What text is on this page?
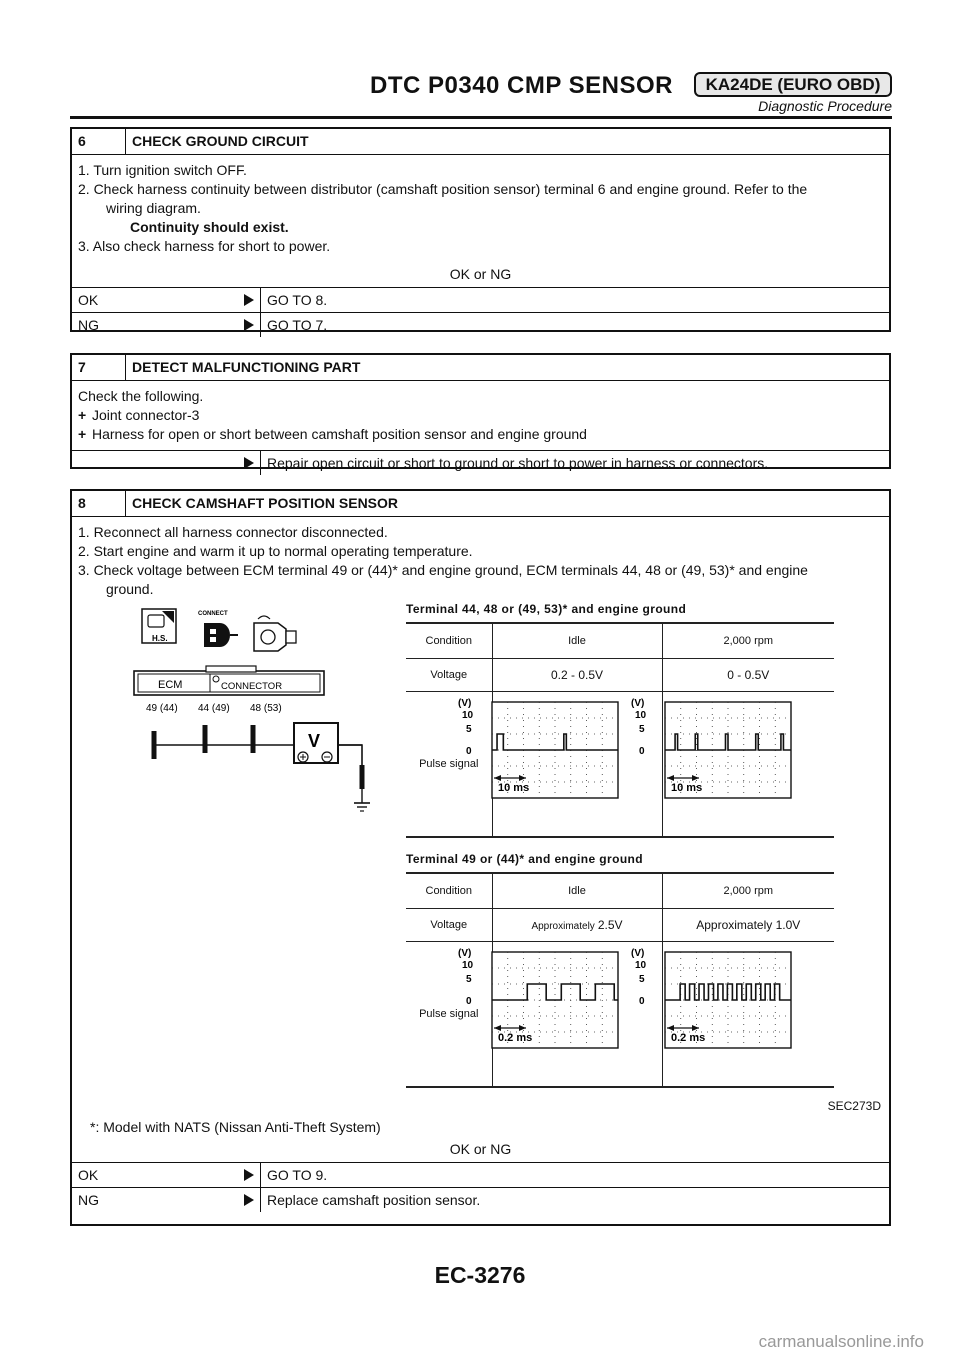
DTC P0340 CMP SENSOR	KA24DE (EURO OBD)
Diagnostic Procedure
6	CHECK GROUND CIRCUIT
1. Turn ignition switch OFF.
2. Check harness continuity between distributor (camshaft position sensor) terminal 6 and engine ground. Refer to the
wiring diagram.
Continuity should exist.
3. Also check harness for short to power.
OK or NG
OK	GO TO 8.
NG	GO TO 7.
7	DETECT MALFUNCTIONING PART
Check the following.
+ Joint connector-3
+ Harness for open or short between camshaft position sensor and engine ground
Repair open circuit or short to ground or short to power in harness or connectors.
8	CHECK CAMSHAFT POSITION SENSOR
1. Reconnect all harness connector disconnected.
2. Start engine and warm it up to normal operating temperature.
3. Check voltage between ECM terminal 49 or (44)* and engine ground, ECM terminals 44, 48 or (49, 53)* and engine
ground.
H.S.
CONNECT
ECM	CONNECTOR
49 (44) 44 (49) 48 (53)
V
Terminal 44, 48 or (49, 53)* and engine ground
Condition	Idle	2,000 rpm
Voltage	0.2 - 0.5V	0 - 0.5V
Pulse signal		
Terminal 49 or (44)* and engine ground
Condition	Idle	2,000 rpm
Voltage	Approximately 2.5V	Approximately 1.0V
Pulse signal		
(V)
10
5
0
10 ms
(V)
10
5
0
10 ms
(V)
10
5
0
0.2 ms
(V)
10
5
0
0.2 ms
SEC273D
*: Model with NATS (Nissan Anti-Theft System)
OK or NG
OK	GO TO 9.
NG	Replace camshaft position sensor.
EC-3276
carmanualsonline.info
